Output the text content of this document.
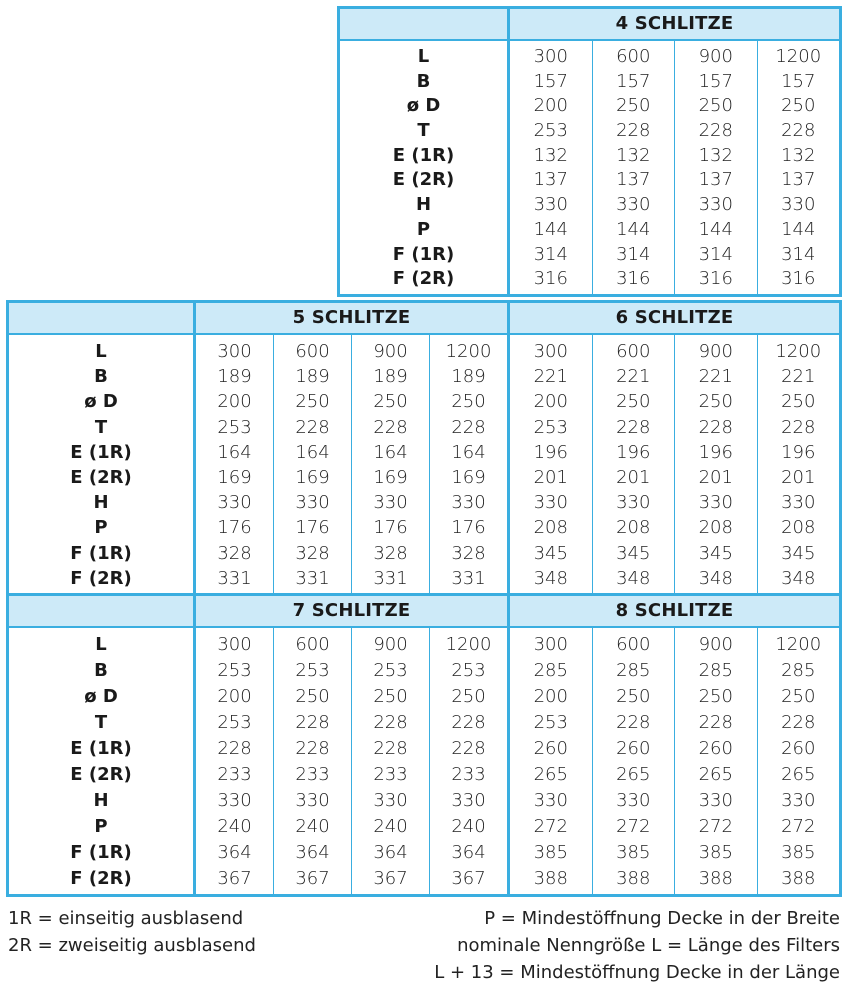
L
B
ø D
T
E (1R)
E (2R)
H
P
F (1R)
F (2R)
4 SCHLITZE
300
157
200
253
132
137
330
144
314
316
600
157
250
228
132
137
330
144
314
316
900
157
250
228
132
137
330
144
314
316
1200
157
250
228
132
137
330
144
314
316
L
B
ø D
T
E (1R)
E (2R)
H
P
F (1R)
F (2R)
5 SCHLITZE
300
189
200
253
164
169
330
176
328
331
600
189
250
228
164
169
330
176
328
331
900
189
250
228
164
169
330
176
328
331
1200
189
250
228
164
169
330
176
328
331
6 SCHLITZE
300
221
200
253
196
201
330
208
345
348
600
221
250
228
196
201
330
208
345
348
900
221
250
228
196
201
330
208
345
348
1200
221
250
228
196
201
330
208
345
348
L
B
ø D
T
E (1R)
E (2R)
H
P
F (1R)
F (2R)
7 SCHLITZE
300
253
200
253
228
233
330
240
364
367
600
253
250
228
228
233
330
240
364
367
900
253
250
228
228
233
330
240
364
367
1200
253
250
228
228
233
330
240
364
367
8 SCHLITZE
300
285
200
253
260
265
330
272
385
388
600
285
250
228
260
265
330
272
385
388
900
285
250
228
260
265
330
272
385
388
1200
285
250
228
260
265
330
272
385
388
1R = einseitig ausblasend
2R = zweiseitig ausblasend
P = Mindestöffnung Decke in der Breite
nominale Nenngröße L = Länge des Filters
L + 13 = Mindestöffnung Decke in der Länge
